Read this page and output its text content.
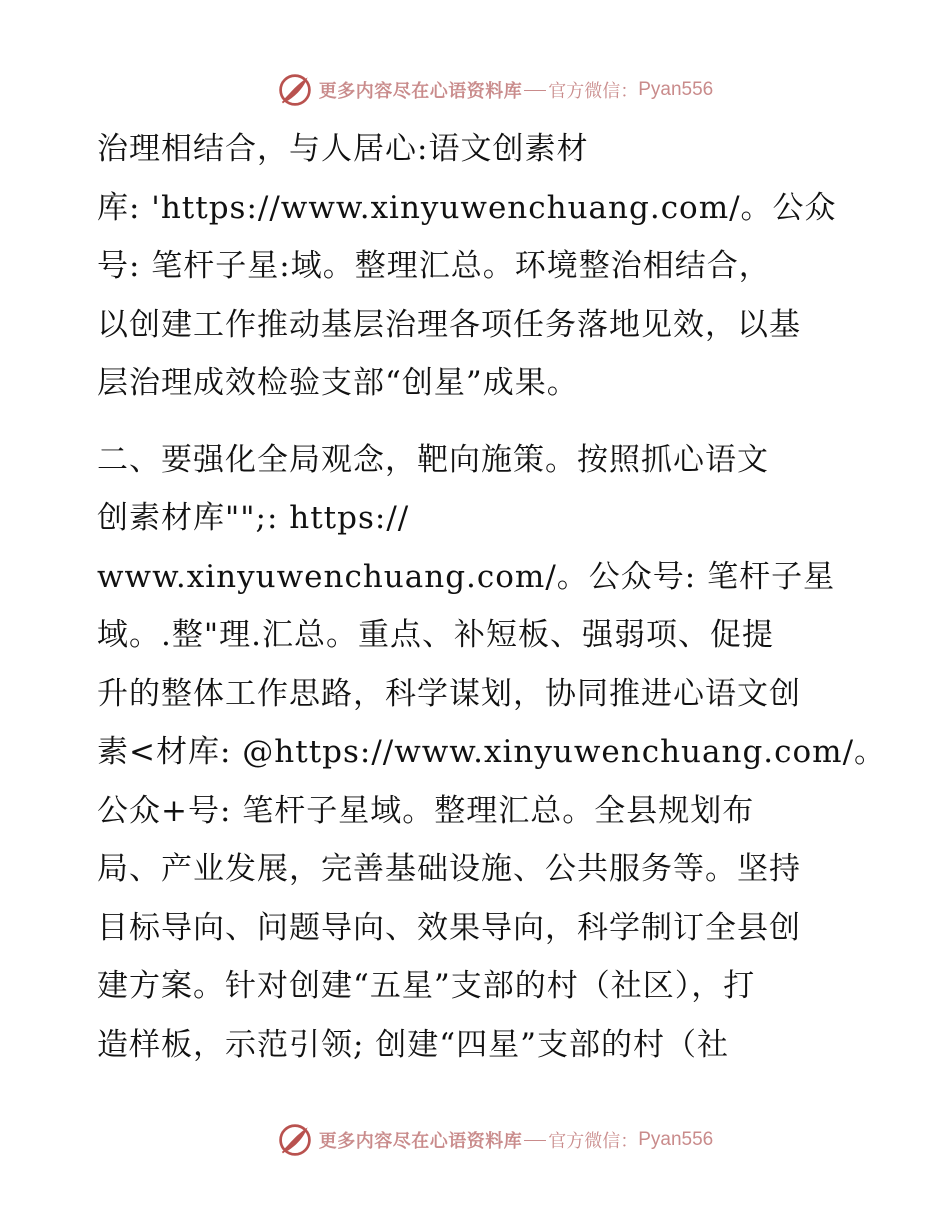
更多内容尽在心语资料库 官方微信： Pyan556
治理相结合，与人居心:语文创素材
库: 'https://www.xinyuwenchuang.com/。公众
号: 笔杆子星:域。整理汇总。环境整治相结合，
以创建工作推动基层治理各项任务落地见效，以基
层治理成效检验支部“创星”成果。
二、要强化全局观念，靶向施策。按照抓心语文
创素材库"";: https://
www.xinyuwenchuang.com/。公众号: 笔杆子星
域。.整"理.汇总。重点、补短板、强弱项、促提
升的整体工作思路，科学谋划，协同推进心语文创
素<材库: @https://www.xinyuwenchuang.com/。
公众+号: 笔杆子星域。整理汇总。全县规划布
局、产业发展，完善基础设施、公共服务等。坚持
目标导向、问题导向、效果导向，科学制订全县创
建方案。针对创建“五星”支部的村（社区），打
造样板，示范引领; 创建“四星”支部的村（社
更多内容尽在心语资料库 官方微信： Pyan556
